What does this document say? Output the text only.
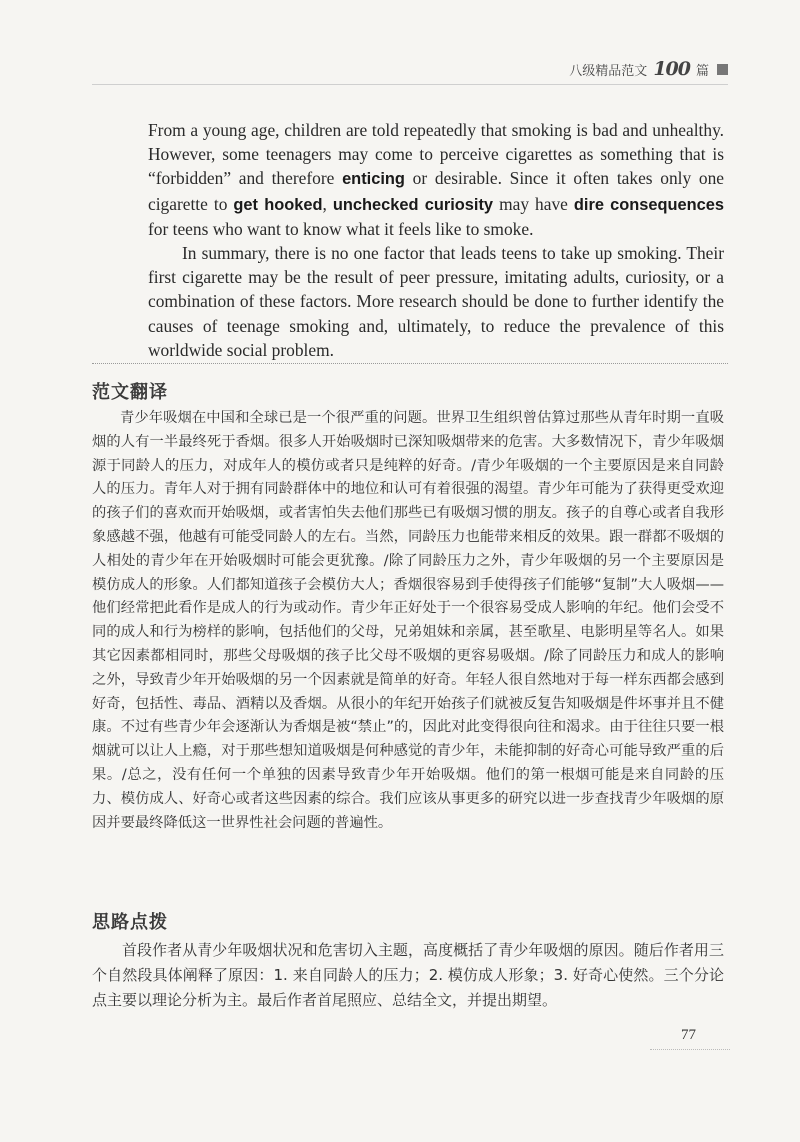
八级精品范文 100 篇

From a young age, children are told repeatedly that smoking is bad and unhealthy. However, some teenagers may come to perceive cigarettes as something that is “forbidden” and therefore enticing or desirable. Since it often takes only one cigarette to get hooked, unchecked curiosity may have dire consequences for teens who want to know what it feels like to smoke.

In summary, there is no one factor that leads teens to take up smoking. Their first cigarette may be the result of peer pressure, imitating adults, curiosity, or a combination of these factors. More research should be done to further identify the causes of teenage smoking and, ultimately, to reduce the prevalence of this worldwide social problem.

范文翻译

青少年吸烟在中国和全球已是一个很严重的问题。世界卫生组织曾估算过那些从青年时期一直吸烟的人有一半最终死于香烟。很多人开始吸烟时已深知吸烟带来的危害。大多数情况下，青少年吸烟源于同龄人的压力，对成年人的模仿或者只是纯粹的好奇。/青少年吸烟的一个主要原因是来自同龄人的压力。青年人对于拥有同龄群体中的地位和认可有着很强的渴望。青少年可能为了获得更受欢迎的孩子们的喜欢而开始吸烟，或者害怕失去他们那些已有吸烟习惯的朋友。孩子的自尊心或者自我形象感越不强，他越有可能受同龄人的左右。当然，同龄压力也能带来相反的效果。跟一群都不吸烟的人相处的青少年在开始吸烟时可能会更犹豫。/除了同龄压力之外，青少年吸烟的另一个主要原因是模仿成人的形象。人们都知道孩子会模仿大人；香烟很容易到手使得孩子们能够“复制”大人吸烟——他们经常把此看作是成人的行为或动作。青少年正好处于一个很容易受成人影响的年纪。他们会受不同的成人和行为榜样的影响，包括他们的父母，兄弟姐妹和亲属，甚至歌星、电影明星等名人。如果其它因素都相同时，那些父母吸烟的孩子比父母不吸烟的更容易吸烟。/除了同龄压力和成人的影响之外，导致青少年开始吸烟的另一个因素就是简单的好奇。年轻人很自然地对于每一样东西都会感到好奇，包括性、毒品、酒精以及香烟。从很小的年纪开始孩子们就被反复告知吸烟是件坏事并且不健康。不过有些青少年会逐渐认为香烟是被“禁止”的，因此对此变得很向往和渴求。由于往往只要一根烟就可以让人上瘾，对于那些想知道吸烟是何种感觉的青少年，未能抑制的好奇心可能导致严重的后果。/总之，没有任何一个单独的因素导致青少年开始吸烟。他们的第一根烟可能是来自同龄的压力、模仿成人、好奇心或者这些因素的综合。我们应该从事更多的研究以进一步查找青少年吸烟的原因并要最终降低这一世界性社会问题的普遍性。

思路点拨

首段作者从青少年吸烟状况和危害切入主题，高度概括了青少年吸烟的原因。随后作者用三个自然段具体阐释了原因：1. 来自同龄人的压力；2. 模仿成人形象；3. 好奇心使然。三个分论点主要以理论分析为主。最后作者首尾照应、总结全文，并提出期望。

77
